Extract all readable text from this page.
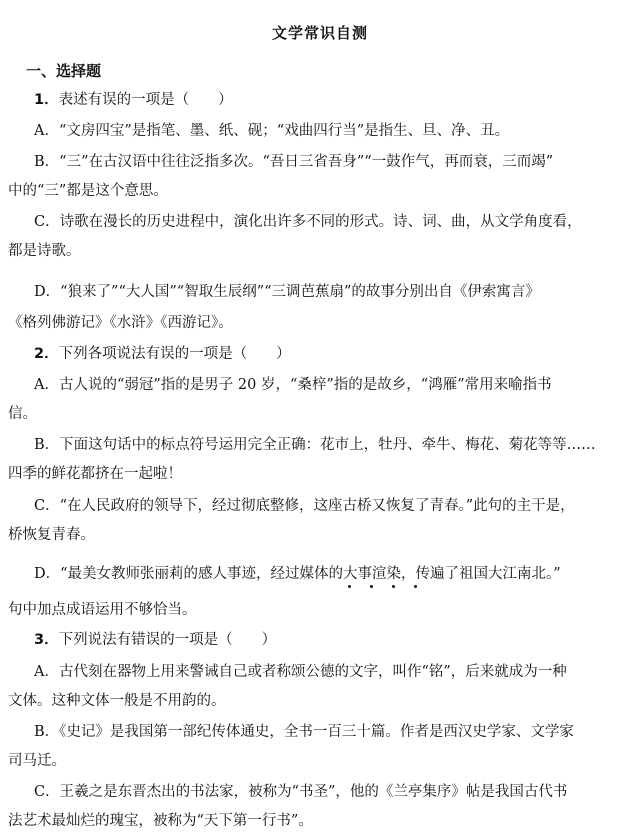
文学常识自测
一、选择题
1．表述有误的一项是（　　）
A．“文房四宝”是指笔、墨、纸、砚；“戏曲四行当”是指生、旦、净、丑。
B．“三”在古汉语中往往泛指多次。“吾日三省吾身”“一鼓作气，再而衰，三而竭”
中的“三”都是这个意思。
C．诗歌在漫长的历史进程中，演化出许多不同的形式。诗、词、曲，从文学角度看，
都是诗歌。
D．“狼来了”“大人国”“智取生辰纲”“三调芭蕉扇”的故事分别出自《伊索寓言》
《格列佛游记》《水浒》《西游记》。
2．下列各项说法有误的一项是（　　）
A．古人说的“弱冠”指的是男子 20 岁，“桑梓”指的是故乡，“鸿雁”常用来喻指书
信。
B．下面这句话中的标点符号运用完全正确：花市上，牡丹、牵牛、梅花、菊花等等……
四季的鲜花都挤在一起啦！
C．“在人民政府的领导下，经过彻底整修，这座古桥又恢复了青春。”此句的主干是，
桥恢复青春。
D．“最美女教师张丽莉的感人事迹，经过媒体的大事渲染，传遍了祖国大江南北。”
句中加点成语运用不够恰当。
3．下列说法有错误的一项是（　　）
A．古代刻在器物上用来警诫自己或者称颂公德的文字，叫作“铭”，后来就成为一种
文体。这种文体一般是不用韵的。
B．《史记》是我国第一部纪传体通史，全书一百三十篇。作者是西汉史学家、文学家
司马迁。
C．王羲之是东晋杰出的书法家，被称为“书圣”，他的《兰亭集序》帖是我国古代书
法艺术最灿烂的瑰宝，被称为“天下第一行书”。
